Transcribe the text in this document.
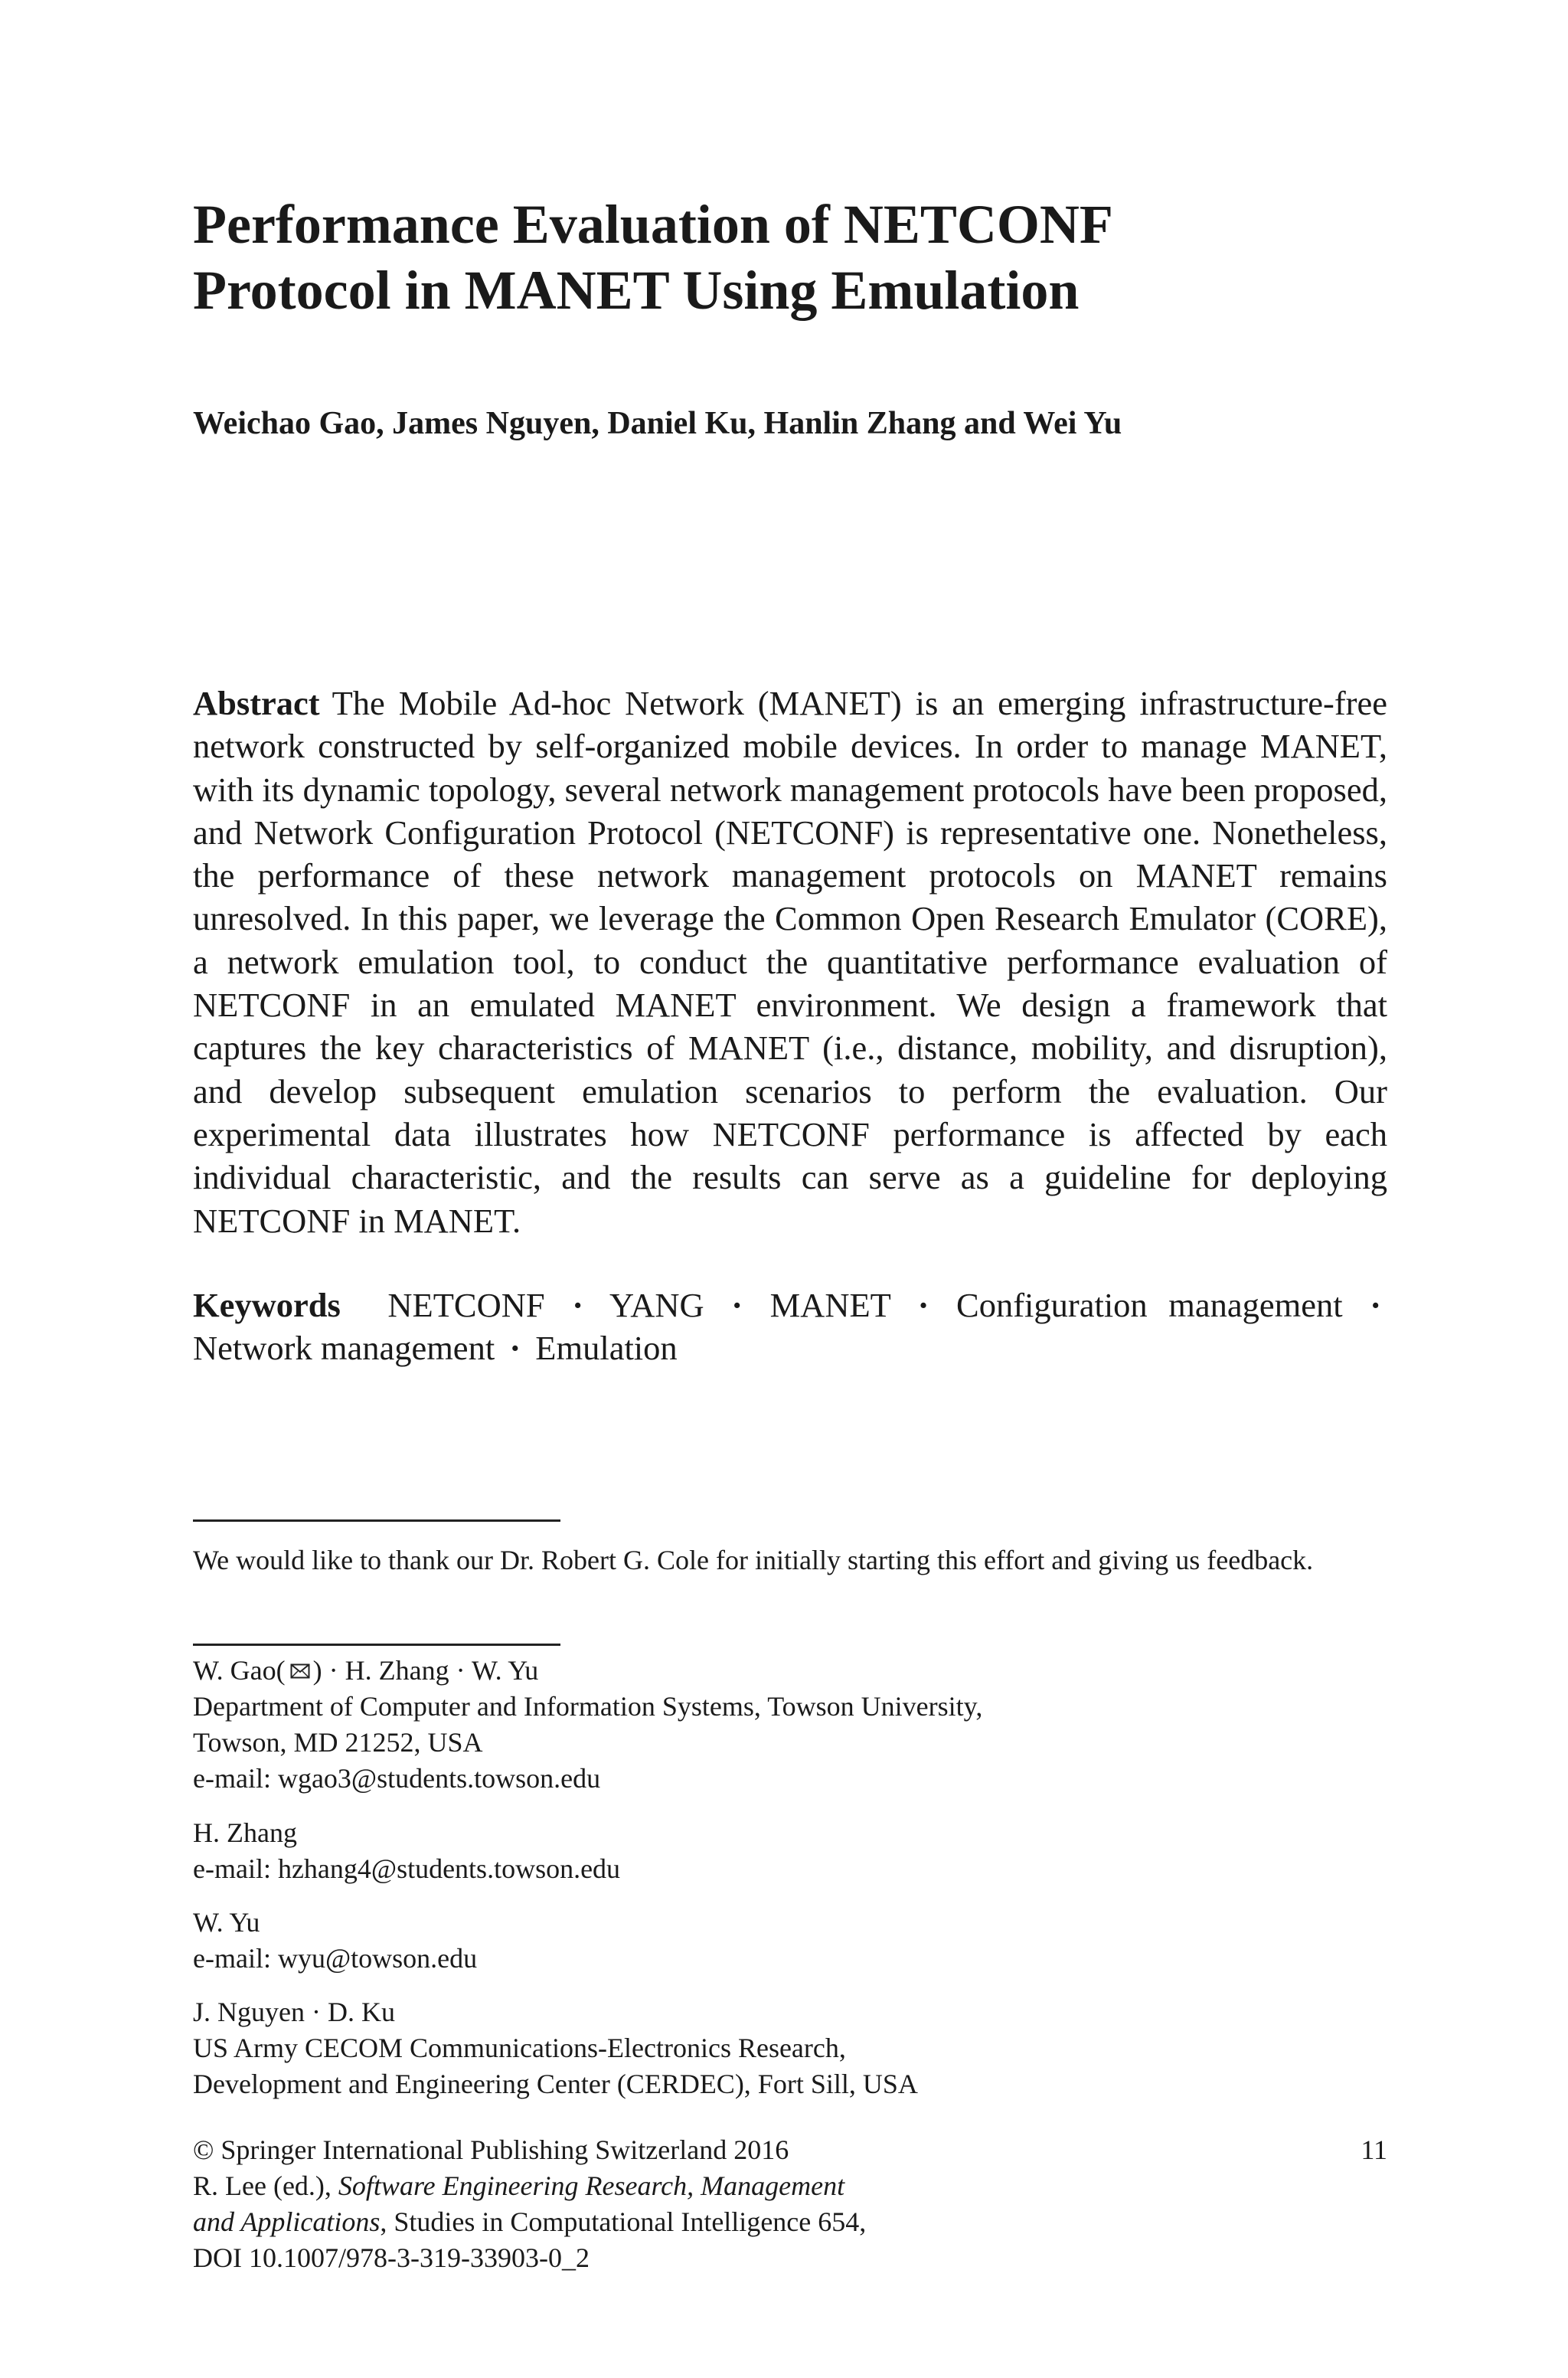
Performance Evaluation of NETCONF
Protocol in MANET Using Emulation

Weichao Gao, James Nguyen, Daniel Ku, Hanlin Zhang and Wei Yu

Abstract The Mobile Ad-hoc Network (MANET) is an emerging infrastructure-free network constructed by self-organized mobile devices. In order to manage MANET, with its dynamic topology, several network management protocols have been proposed, and Network Configuration Protocol (NETCONF) is representative one. Nonetheless, the performance of these network management protocols on MANET remains unresolved. In this paper, we leverage the Common Open Research Emulator (CORE), a network emulation tool, to conduct the quantitative performance evaluation of NETCONF in an emulated MANET environment. We design a framework that captures the key characteristics of MANET (i.e., distance, mobility, and disruption), and develop subsequent emulation scenarios to perform the evaluation. Our experimental data illustrates how NETCONF performance is affected by each individual characteristic, and the results can serve as a guideline for deploying NETCONF in MANET.

Keywords NETCONF · YANG · MANET · Configuration management · Network management · Emulation

We would like to thank our Dr. Robert G. Cole for initially starting this effort and giving us feedback.

W. Gao( ) · H. Zhang · W. Yu
Department of Computer and Information Systems, Towson University,
Towson, MD 21252, USA
e-mail: wgao3@students.towson.edu

H. Zhang
e-mail: hzhang4@students.towson.edu

W. Yu
e-mail: wyu@towson.edu

J. Nguyen · D. Ku
US Army CECOM Communications-Electronics Research,
Development and Engineering Center (CERDEC), Fort Sill, USA

© Springer International Publishing Switzerland 2016
R. Lee (ed.), Software Engineering Research, Management
and Applications, Studies in Computational Intelligence 654,
DOI 10.1007/978-3-319-33903-0_2

11
